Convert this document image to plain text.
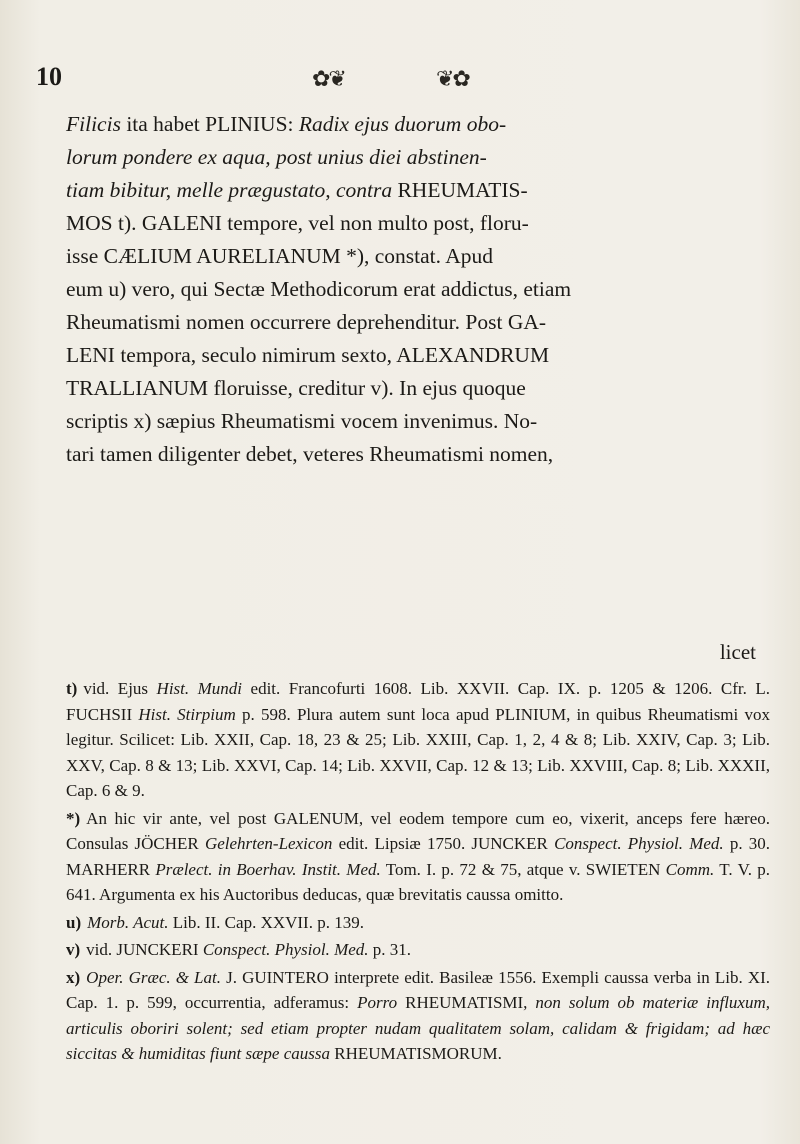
10	✿❦	❦✿

Filicis ita habet PLINIUS: Radix ejus duorum obo-

lorum pondere ex aqua, post unius diei abstinen-

tiam bibitur, melle prægustato, contra RHEUMATIS-

MOS t). GALENI tempore, vel non multo post, floru-

isse CÆLIUM AURELIANUM *), constat. Apud

eum u) vero, qui Sectæ Methodicorum erat addictus, etiam

Rheumatismi nomen occurrere deprehenditur. Post GA-

LENI tempora, seculo nimirum sexto, ALEXANDRUM

TRALLIANUM floruisse, creditur v). In ejus quoque

scriptis x) sæpius Rheumatismi vocem invenimus. No-

tari tamen diligenter debet, veteres Rheumatismi nomen,

licet

t) vid. Ejus Hist. Mundi edit. Francofurti 1608. Lib. XXVII. Cap. IX. p. 1205 & 1206. Cfr. L. FUCHSII Hist. Stirpium p. 598. Plura autem sunt loca apud PLINIUM, in quibus Rheumatismi vox legitur. Scilicet: Lib. XXII, Cap. 18, 23 & 25; Lib. XXIII, Cap. 1, 2, 4 & 8; Lib. XXIV, Cap. 3; Lib. XXV, Cap. 8 & 13; Lib. XXVI, Cap. 14; Lib. XXVII, Cap. 12 & 13; Lib. XXVIII, Cap. 8; Lib. XXXII, Cap. 6 & 9.

*) An hic vir ante, vel post GALENUM, vel eodem tempore cum eo, vixerit, anceps fere hæreo. Consulas JÖCHER Gelehrten-Lexicon edit. Lipsiæ 1750. JUNCKER Conspect. Physiol. Med. p. 30. MARHERR Prælect. in Boerhav. Instit. Med. Tom. I. p. 72 & 75, atque v. SWIETEN Comm. T. V. p. 641. Argumenta ex his Auctoribus deducas, quæ brevitatis caussa omitto.

u) Morb. Acut. Lib. II. Cap. XXVII. p. 139.

v) vid. JUNCKERI Conspect. Physiol. Med. p. 31.

x) Oper. Græc. & Lat. J. GUINTERO interprete edit. Basileæ 1556. Exempli caussa verba in Lib. XI. Cap. 1. p. 599, occurrentia, adferamus: Porro RHEUMATISMI, non solum ob materiæ influxum, articulis oboriri solent; sed etiam propter nudam qualitatem solam, calidam & frigidam; ad hæc siccitas & humiditas fiunt sæpe caussa RHEUMATISMORUM.
